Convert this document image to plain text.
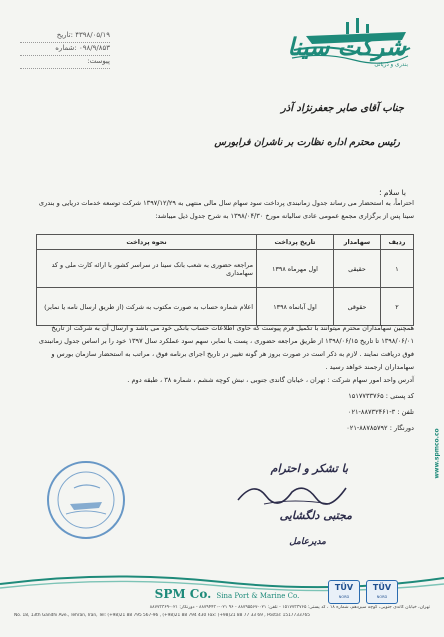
۴۳۹۸/۰۵/۱۹ :تاریخ
۰۹۸/۹/۸۵۳ :شماره
پیوست:	شرکت سینا
بندری و دریائی
جناب آقای صابر جعفرنژاد آذر
رئیس محترم اداره نظارت بر ناشران فرابورس
با سلام ؛
احتراماً، به استحضار می رساند جدول زمانبندی پرداخت سود سهام سال مالی منتهی به ۱۳۹۷/۱۲/۲۹ شرکت توسعه خدمات دریایی و بندری سینا پس از برگزاری مجمع عمومی عادی سالیانه مورخ ۱۳۹۸/۰۴/۳۰ به شرح جدول ذیل میباشد:
ردیف	سهامدار	تاریخ پرداخت	نحوه پرداخت
۱	حقیقی	اول مهرماه ۱۳۹۸	مراجعه حضوری به شعب بانک سینا در سراسر کشور با ارائه کارت ملی و کد سهامداری
۲	حقوقی	اول آبانماه ۱۳۹۸	اعلام شماره حساب به صورت مکتوب به شرکت (از طریق ارسال نامه یا نمابر)
همچنین سهامداران محترم میتوانند با تکمیل فرم پیوست که حاوی اطلاعات حساب بانکی خود می باشد و ارسال آن به شرکت از تاریخ ۱۳۹۸/۰۶/۰۱ تا تاریخ ۱۳۹۸/۰۶/۱۵ از طریق مراجعه حضوری ، پست یا نمابر، سهم سود عملکرد سال ۱۳۹۷ خود را بر اساس جدول زمانبندی فوق دریافت نمایند . لازم به ذکر است در صورت بروز هر گونه تغییر در تاریخ اجرای برنامه فوق ، مراتب به استحضار سازمان بورس و سهامداران ارجمند خواهد رسید .
آدرس واحد امور سهام شرکت : تهران ، خیابان گاندی جنوبی ، نبش کوچه ششم ، شماره ۳۸ ، طبقه دوم .
کد پستی : ۱۵۱۷۷۳۳۷۶۵
تلفن : ۳-۸۸۷۳۲۴۶۱-۰۲۱
دورنگار : ۸۸۷۸۵۷۹۲-۰۲۱
با تشکر و احترام
مجتبی دلگشایی
مدیرعامل
www.spmco.co
TÜV
NORD
TÜV
NORD
SPM Co. Sina Port & Marine Co.
تهران، خیابان گاندی جنوبی، کوچه سیزدهم، شماره ۱۸ ، کد پستی: ۱۵۱۷۷۳۳۷۶۵ - تلفن: ۰۲۱-۸۸۷۹۵۵۶۷ - ۹۶ ۰۲۱-۸۸۷۹۴۴۳۰ - دورنگار: ۰۲۱-۸۸۷۷۳۳۶۹
No. 18, 13th Gandhi Ave., Tehran, Iran, Tel: (+98)21 88 795 567-96 , (+98)21 88 794 430 Fax: (+98)21 88 77 33 69 , Postal: 1517733765
